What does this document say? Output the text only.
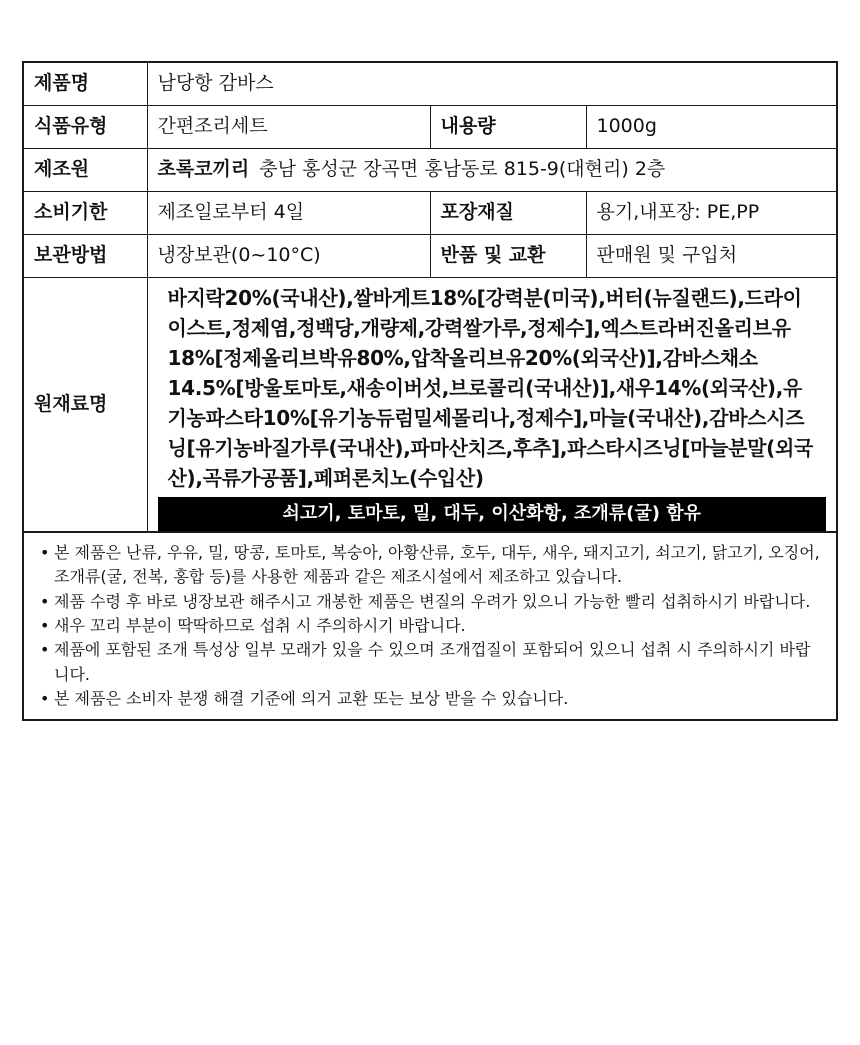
제품명	남당항 감바스		
식품유형	간편조리세트	내용량	1000g
제조원	초록코끼리 충남 홍성군 장곡면 홍남동로 815-9(대현리) 2층		
소비기한	제조일로부터 4일	포장재질	용기,내포장: PE,PP
보관방법	냉장보관(0~10°C)	반품 및 교환	판매원 및 구입처
원재료명	바지락20%(국내산),쌀바게트18%[강력분(미국),버터(뉴질랜드),드라이이스트,정제염,정백당,개량제,강력쌀가루,정제수],엑스트라버진올리브유18%[정제올리브박유80%,압착올리브유20%(외국산)],감바스채소14.5%[방울토마토,새송이버섯,브로콜리(국내산)],새우14%(외국산),유기농파스타10%[유기농듀럼밀세몰리나,정제수],마늘(국내산),감바스시즈닝[유기농바질가루(국내산),파마산치즈,후추],파스타시즈닝[마늘분말(외국산),곡류가공품],페퍼론치노(수입산)
쇠고기, 토마토, 밀, 대두, 이산화항, 조개류(굴) 함유		
• 본 제품은 난류, 우유, 밀, 땅콩, 토마토, 복숭아, 아황산류, 호두, 대두, 새우, 돼지고기, 쇠고기, 닭고기, 오징어, 조개류(굴, 전복, 홍합 등)를 사용한 제품과 같은 제조시설에서 제조하고 있습니다.
• 제품 수령 후 바로 냉장보관 해주시고 개봉한 제품은 변질의 우려가 있으니 가능한 빨리 섭취하시기 바랍니다.
• 새우 꼬리 부분이 딱딱하므로 섭취 시 주의하시기 바랍니다.
• 제품에 포함된 조개 특성상 일부 모래가 있을 수 있으며 조개껍질이 포함되어 있으니 섭취 시 주의하시기 바랍니다.
• 본 제품은 소비자 분쟁 해결 기준에 의거 교환 또는 보상 받을 수 있습니다.
